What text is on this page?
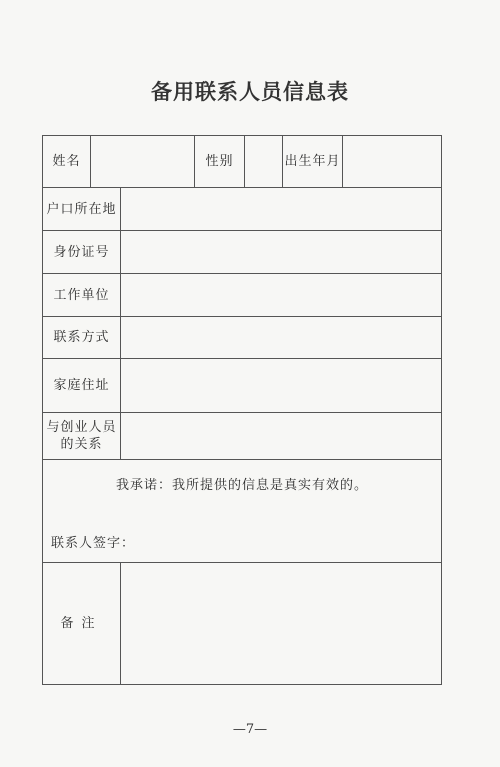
备用联系人员信息表
姓名			性别		出生年月	
户口所在地						
身份证号						
工作单位						
联系方式						
家庭住址						
与创业人员的关系						

我承诺：我所提供的信息是真实有效的。
联系人签字：						

备注						
—7—
